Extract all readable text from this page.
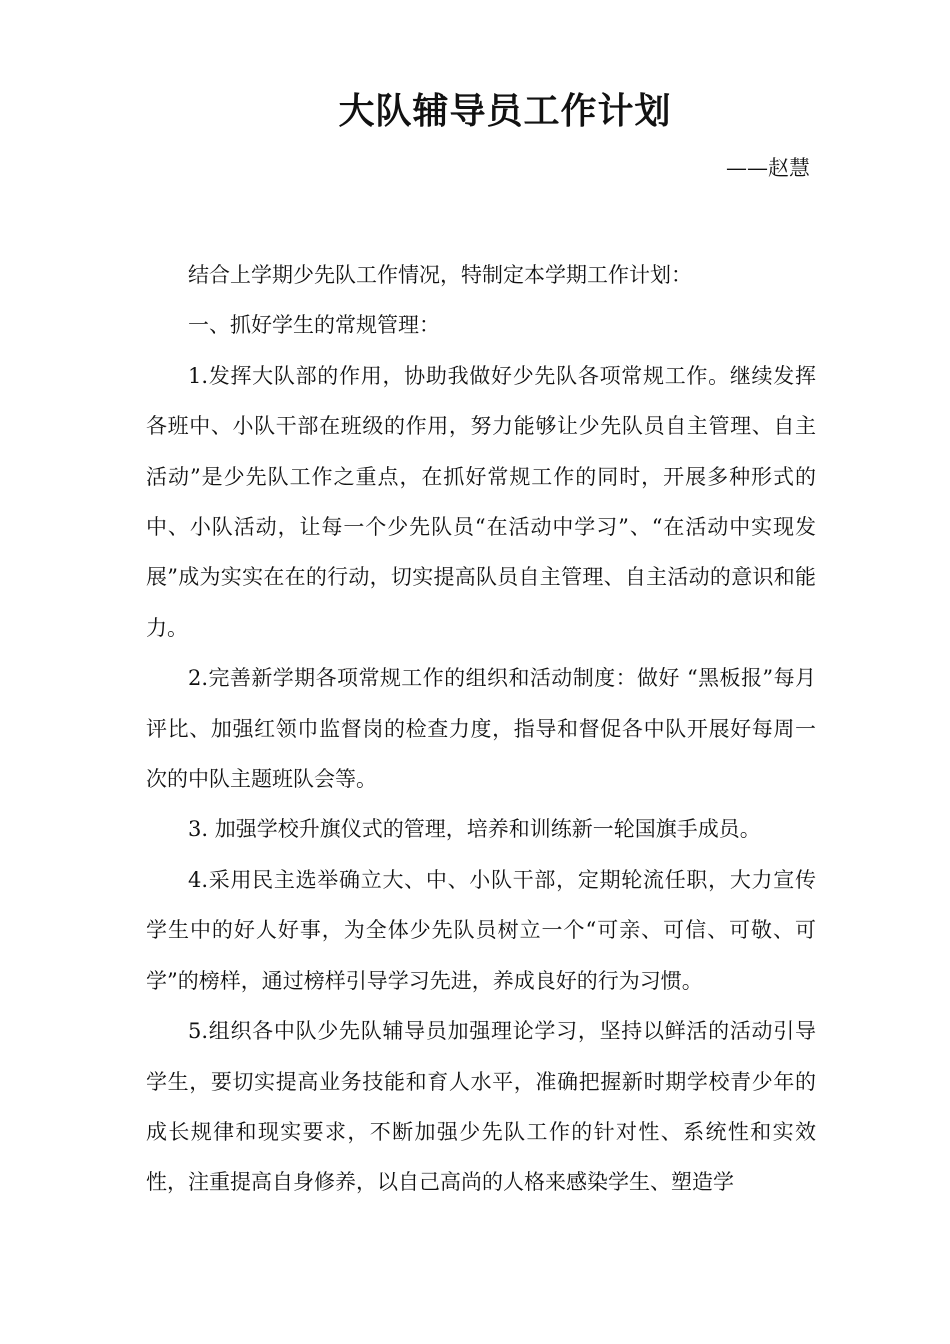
大队辅导员工作计划
——赵慧

结合上学期少先队工作情况，特制定本学期工作计划：

一、抓好学生的常规管理：

1.发挥大队部的作用，协助我做好少先队各项常规工作。继续发挥各班中、小队干部在班级的作用，努力能够让少先队员自主管理、自主活动”是少先队工作之重点，在抓好常规工作的同时，开展多种形式的中、小队活动，让每一个少先队员“在活动中学习”、“在活动中实现发展”成为实实在在的行动，切实提高队员自主管理、自主活动的意识和能力。

2.完善新学期各项常规工作的组织和活动制度：做好 “黑板报”每月评比、加强红领巾监督岗的检查力度，指导和督促各中队开展好每周一次的中队主题班队会等。

3. 加强学校升旗仪式的管理，培养和训练新一轮国旗手成员。

4.采用民主选举确立大、中、小队干部，定期轮流任职，大力宣传学生中的好人好事，为全体少先队员树立一个“可亲、可信、可敬、可学”的榜样，通过榜样引导学习先进，养成良好的行为习惯。

5.组织各中队少先队辅导员加强理论学习，坚持以鲜活的活动引导学生，要切实提高业务技能和育人水平，准确把握新时期学校青少年的成长规律和现实要求，不断加强少先队工作的针对性、系统性和实效性，注重提高自身修养，以自己高尚的人格来感染学生、塑造学
